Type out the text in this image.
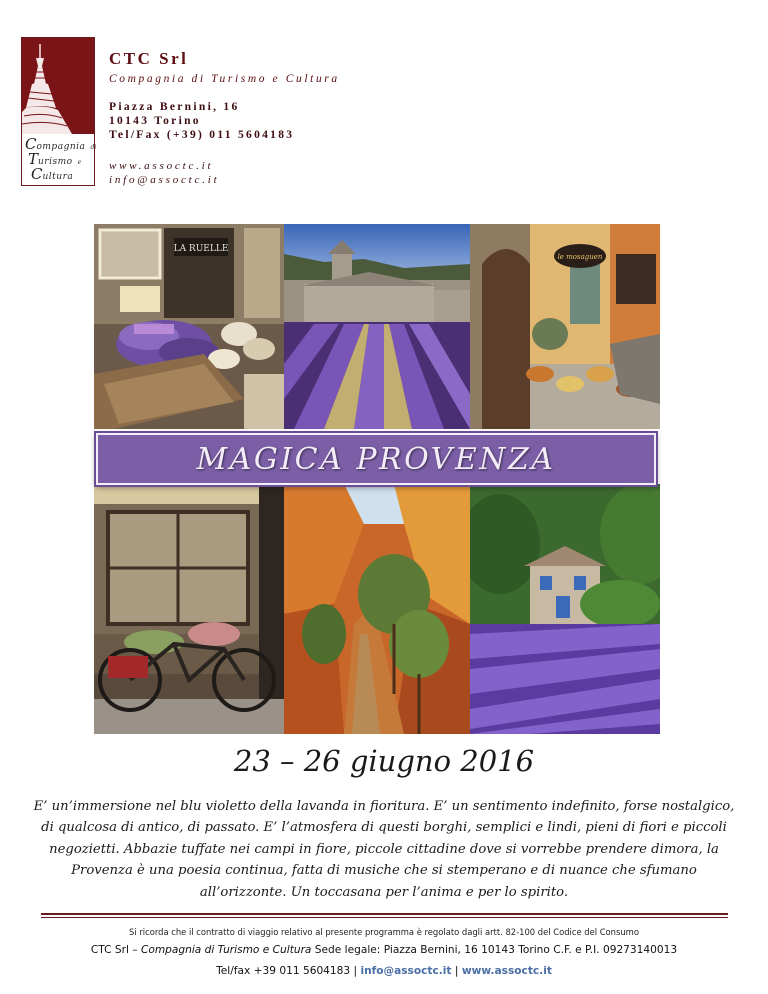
Compagnia di
Turismo e
Cultura
CTC Srl
Compagnia di Turismo e Cultura
Piazza Bernini, 16
10143 Torino
Tel/Fax (+39) 011 5604183
www.assoctc.it
info@assoctc.it
LA RUELLE
le mosaguen
MAGICA PROVENZA
23 – 26 giugno 2016
E’ un’immersione nel blu violetto della lavanda in fioritura. E’ un sentimento indefinito, forse nostalgico, di qualcosa di antico, di passato. E’ l’atmosfera di questi borghi, semplici e lindi, pieni di fiori e piccoli negozietti. Abbazie tuffate nei campi in fiore, piccole cittadine dove si vorrebbe prendere dimora, la Provenza è una poesia continua, fatta di musiche che si stemperano e di nuance che sfumano all’orizzonte. Un toccasana per l’anima e per lo spirito.
Si ricorda che il contratto di viaggio relativo al presente programma è regolato dagli artt. 82-100 del Codice del Consumo
CTC Srl – Compagnia di Turismo e Cultura Sede legale: Piazza Bernini, 16 10143 Torino C.F. e P.I. 09273140013
Tel/fax +39 011 5604183 | info@assoctc.it | www.assoctc.it
